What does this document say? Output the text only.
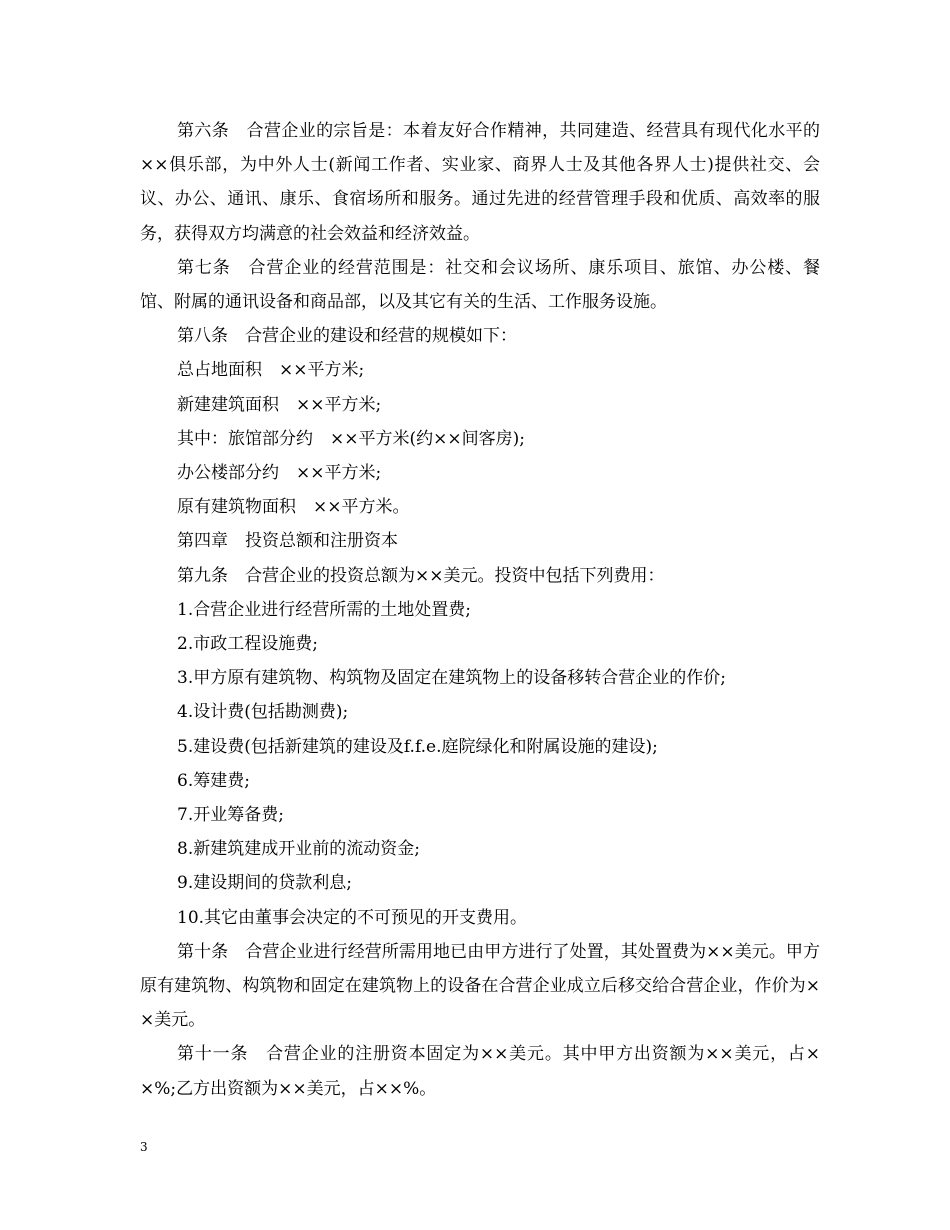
第六条　合营企业的宗旨是：本着友好合作精神，共同建造、经营具有现代化水平的××俱乐部，为中外人士(新闻工作者、实业家、商界人士及其他各界人士)提供社交、会议、办公、通讯、康乐、食宿场所和服务。通过先进的经营管理手段和优质、高效率的服务，获得双方均满意的社会效益和经济效益。

第七条　合营企业的经营范围是：社交和会议场所、康乐项目、旅馆、办公楼、餐馆、附属的通讯设备和商品部，以及其它有关的生活、工作服务设施。

第八条　合营企业的建设和经营的规模如下：

总占地面积　××平方米;

新建建筑面积　××平方米;

其中：旅馆部分约　××平方米(约××间客房);

办公楼部分约　××平方米;

原有建筑物面积　××平方米。

第四章　投资总额和注册资本

第九条　合营企业的投资总额为××美元。投资中包括下列费用：

1.合营企业进行经营所需的土地处置费;

2.市政工程设施费;

3.甲方原有建筑物、构筑物及固定在建筑物上的设备移转合营企业的作价;

4.设计费(包括勘测费);

5.建设费(包括新建筑的建设及f.f.e.庭院绿化和附属设施的建设);

6.筹建费;

7.开业筹备费;

8.新建筑建成开业前的流动资金;

9.建设期间的贷款利息;

10.其它由董事会决定的不可预见的开支费用。

第十条　合营企业进行经营所需用地已由甲方进行了处置，其处置费为××美元。甲方原有建筑物、构筑物和固定在建筑物上的设备在合营企业成立后移交给合营企业，作价为××美元。

第十一条　合营企业的注册资本固定为××美元。其中甲方出资额为××美元，占××%;乙方出资额为××美元，占××%。

3
